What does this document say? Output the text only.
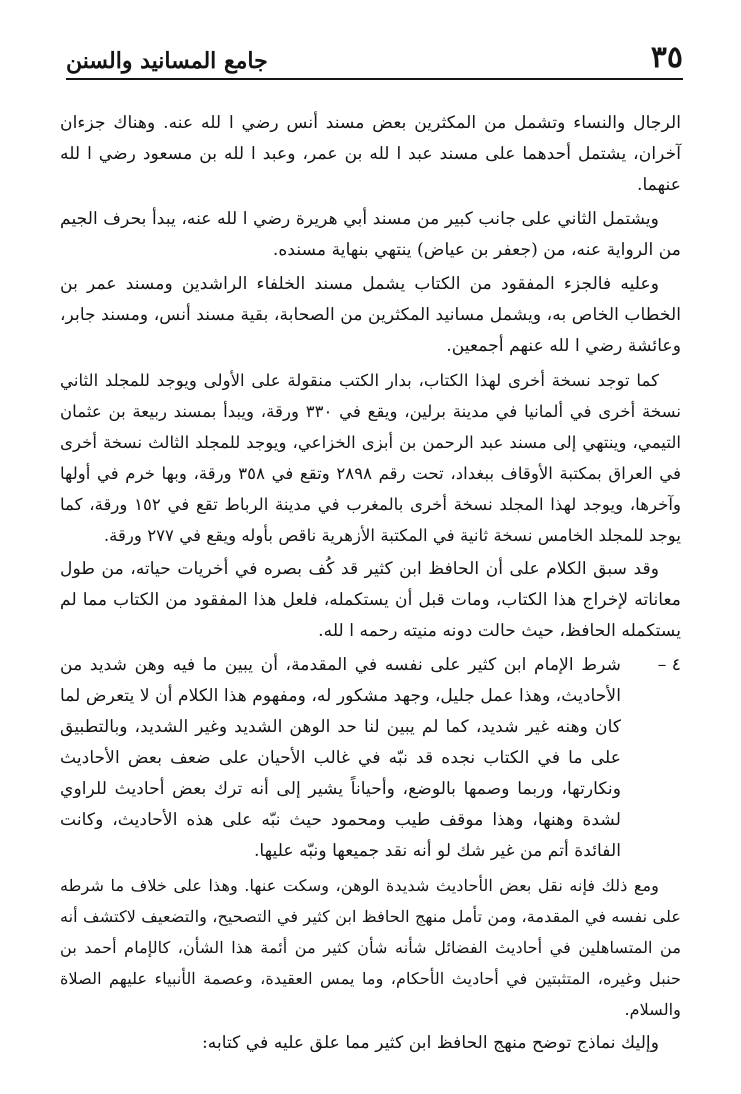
٣٥
جامع المسانيد والسنن

الرجال والنساء وتشمل من المكثرين بعض مسند أنس رضي ا لله عنه. وهناك جزءان آخران، يشتمل أحدهما على مسند عبد ا لله بن عمر، وعبد ا لله بن مسعود رضي ا لله عنهما.

ويشتمل الثاني على جانب كبير من مسند أبي هريرة رضي ا لله عنه، يبدأ بحرف الجيم من الرواية عنه، من (جعفر بن عياض) ينتهي بنهاية مسنده.

وعليه فالجزء المفقود من الكتاب يشمل مسند الخلفاء الراشدين ومسند عمر بن الخطاب الخاص به، ويشمل مسانيد المكثرين من الصحابة، بقية مسند أنس، ومسند جابر، وعائشة رضي ا لله عنهم أجمعين.

كما توجد نسخة أخرى لهذا الكتاب، بدار الكتب منقولة على الأولى ويوجد للمجلد الثاني نسخة أخرى في ألمانيا في مدينة برلين، ويقع في ٣٣٠ ورقة، ويبدأ بمسند ربيعة بن عثمان التيمي، وينتهي إلى مسند عبد الرحمن بن أبزى الخزاعي، ويوجد للمجلد الثالث نسخة أخرى في العراق بمكتبة الأوقاف ببغداد، تحت رقم ٢٨٩٨ وتقع في ٣٥٨ ورقة، وبها خرم في أولها وآخرها، ويوجد لهذا المجلد نسخة أخرى بالمغرب في مدينة الرباط تقع في ١٥٢ ورقة، كما يوجد للمجلد الخامس نسخة ثانية في المكتبة الأزهرية ناقص بأوله ويقع في ٢٧٧ ورقة.

وقد سبق الكلام على أن الحافظ ابن كثير قد كُف بصره في أخريات حياته، من طول معاناته لإخراج هذا الكتاب، ومات قبل أن يستكمله، فلعل هذا المفقود من الكتاب مما لم يستكمله الحافظ، حيث حالت دونه منيته رحمه ا لله.

٤ –
شرط الإمام ابن كثير على نفسه في المقدمة، أن يبين ما فيه وهن شديد من الأحاديث، وهذا عمل جليل، وجهد مشكور له، ومفهوم هذا الكلام أن لا يتعرض لما كان وهنه غير شديد، كما لم يبين لنا حد الوهن الشديد وغير الشديد، وبالتطبيق على ما في الكتاب نجده قد نبّه في غالب الأحيان على ضعف بعض الأحاديث ونكارتها، وربما وصمها بالوضع، وأحياناً يشير إلى أنه ترك بعض أحاديث للراوي لشدة وهنها، وهذا موقف طيب ومحمود حيث نبّه على هذه الأحاديث، وكانت الفائدة أتم من غير شك لو أنه نقد جميعها ونبّه عليها.

ومع ذلك فإنه نقل بعض الأحاديث شديدة الوهن، وسكت عنها. وهذا على خلاف ما شرطه على نفسه في المقدمة، ومن تأمل منهج الحافظ ابن كثير في التصحيح، والتضعيف لاكتشف أنه من المتساهلين في أحاديث الفضائل شأنه شأن كثير من أئمة هذا الشأن، كالإمام أحمد بن حنبل وغيره، المتثبتين في أحاديث الأحكام، وما يمس العقيدة، وعصمة الأنبياء عليهم الصلاة والسلام.

وإليك نماذج توضح منهج الحافظ ابن كثير مما علق عليه في كتابه:
